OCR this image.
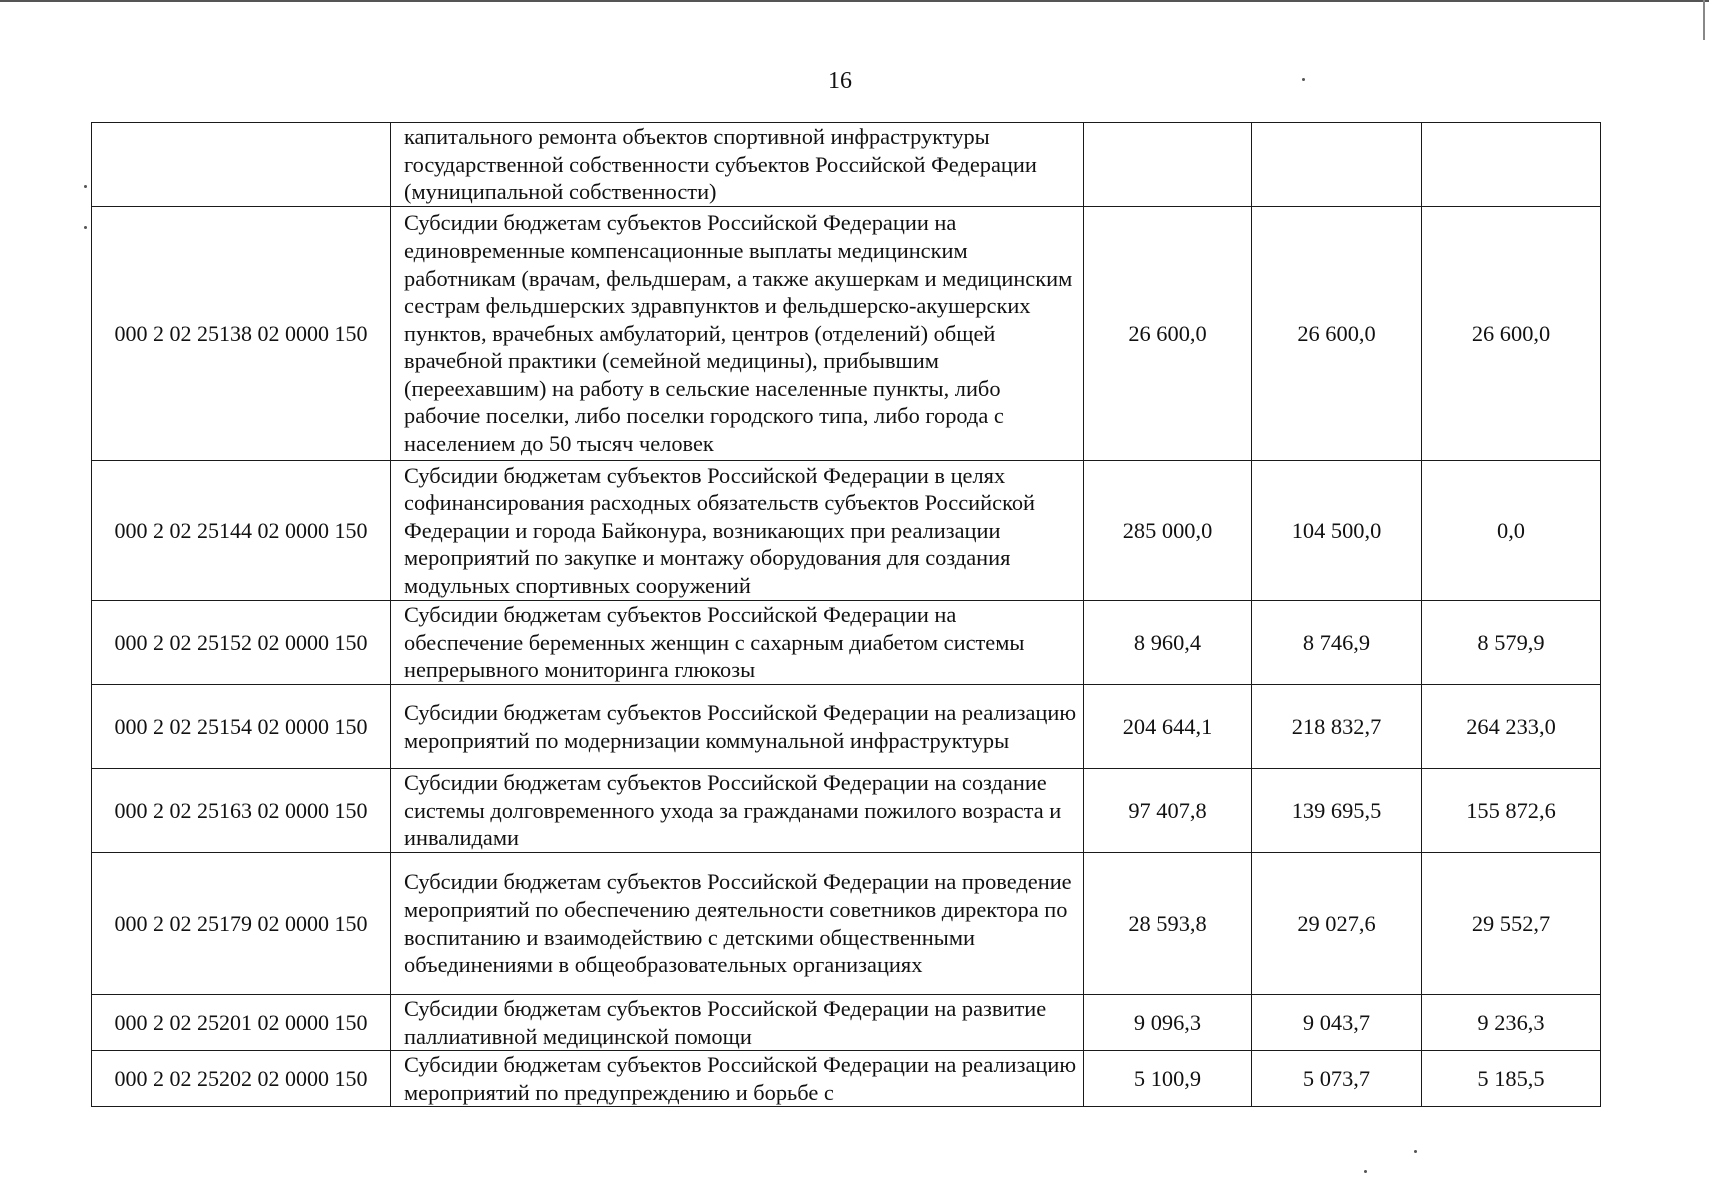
16
	капитального ремонта объектов спортивной инфраструктуры государственной собственности субъектов Российской Федерации (муниципальной собственности)			
000 2 02 25138 02 0000 150	Субсидии бюджетам субъектов Российской Федерации на единовременные компенсационные выплаты медицинским работникам (врачам, фельдшерам, а также акушеркам и медицинским сестрам фельдшерских здравпунктов и фельдшерско-акушерских пунктов, врачебных амбулаторий, центров (отделений) общей врачебной практики (семейной медицины), прибывшим (переехавшим) на работу в сельские населенные пункты, либо рабочие поселки, либо поселки городского типа, либо города с населением до 50 тысяч человек	26 600,0	26 600,0	26 600,0
000 2 02 25144 02 0000 150	Субсидии бюджетам субъектов Российской Федерации в целях софинансирования расходных обязательств субъектов Российской Федерации и города Байконура, возникающих при реализации мероприятий по закупке и монтажу оборудования для создания модульных спортивных сооружений	285 000,0	104 500,0	0,0
000 2 02 25152 02 0000 150	Субсидии бюджетам субъектов Российской Федерации на обеспечение беременных женщин с сахарным диабетом системы непрерывного мониторинга глюкозы	8 960,4	8 746,9	8 579,9
000 2 02 25154 02 0000 150	Субсидии бюджетам субъектов Российской Федерации на реализацию мероприятий по модернизации коммунальной инфраструктуры	204 644,1	218 832,7	264 233,0
000 2 02 25163 02 0000 150	Субсидии бюджетам субъектов Российской Федерации на создание системы долговременного ухода за гражданами пожилого возраста и инвалидами	97 407,8	139 695,5	155 872,6
000 2 02 25179 02 0000 150	Субсидии бюджетам субъектов Российской Федерации на проведение мероприятий по обеспечению деятельности советников директора по воспитанию и взаимодействию с детскими общественными объединениями в общеобразовательных организациях	28 593,8	29 027,6	29 552,7
000 2 02 25201 02 0000 150	Субсидии бюджетам субъектов Российской Федерации на развитие паллиативной медицинской помощи	9 096,3	9 043,7	9 236,3
000 2 02 25202 02 0000 150	Субсидии бюджетам субъектов Российской Федерации на реализацию мероприятий по предупреждению и борьбе с	5 100,9	5 073,7	5 185,5
